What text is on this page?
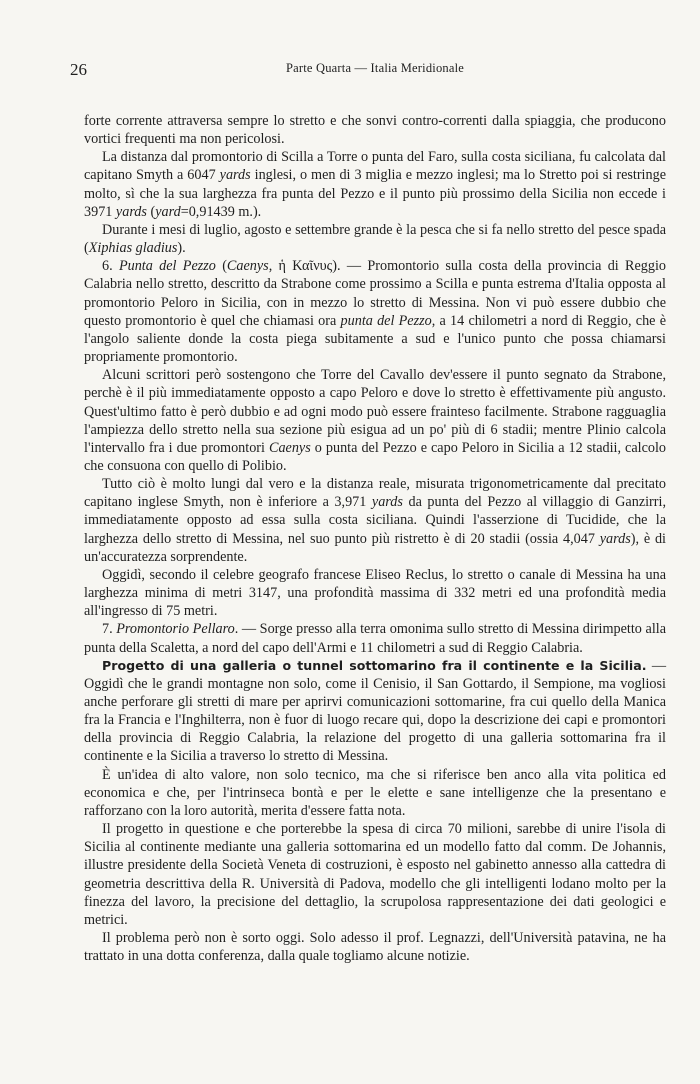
26	Parte Quarta — Italia Meridionale

forte corrente attraversa sempre lo stretto e che sonvi contro-correnti dalla spiaggia, che producono vortici frequenti ma non pericolosi.

La distanza dal promontorio di Scilla a Torre o punta del Faro, sulla costa siciliana, fu calcolata dal capitano Smyth a 6047 yards inglesi, o men di 3 miglia e mezzo inglesi; ma lo Stretto poi si restringe molto, sì che la sua larghezza fra punta del Pezzo e il punto più prossimo della Sicilia non eccede i 3971 yards (yard=0,91439 m.).

Durante i mesi di luglio, agosto e settembre grande è la pesca che si fa nello stretto del pesce spada (Xiphias gladius).

6. Punta del Pezzo (Caenys, ἡ Καῖνυς). — Promontorio sulla costa della provincia di Reggio Calabria nello stretto, descritto da Strabone come prossimo a Scilla e punta estrema d'Italia opposta al promontorio Peloro in Sicilia, con in mezzo lo stretto di Messina. Non vi può essere dubbio che questo promontorio è quel che chiamasi ora punta del Pezzo, a 14 chilometri a nord di Reggio, che è l'angolo saliente donde la costa piega subitamente a sud e l'unico punto che possa chiamarsi propriamente promontorio.

Alcuni scrittori però sostengono che Torre del Cavallo dev'essere il punto segnato da Strabone, perchè è il più immediatamente opposto a capo Peloro e dove lo stretto è effettivamente più angusto. Quest'ultimo fatto è però dubbio e ad ogni modo può essere frainteso facilmente. Strabone ragguaglia l'ampiezza dello stretto nella sua sezione più esigua ad un po' più di 6 stadii; mentre Plinio calcola l'intervallo fra i due promontori Caenys o punta del Pezzo e capo Peloro in Sicilia a 12 stadii, calcolo che consuona con quello di Polibio.

Tutto ciò è molto lungi dal vero e la distanza reale, misurata trigonometricamente dal precitato capitano inglese Smyth, non è inferiore a 3,971 yards da punta del Pezzo al villaggio di Ganzirri, immediatamente opposto ad essa sulla costa siciliana. Quindi l'asserzione di Tucidide, che la larghezza dello stretto di Messina, nel suo punto più ristretto è di 20 stadii (ossia 4,047 yards), è di un'accuratezza sorprendente.

Oggidì, secondo il celebre geografo francese Eliseo Reclus, lo stretto o canale di Messina ha una larghezza minima di metri 3147, una profondità massima di 332 metri ed una profondità media all'ingresso di 75 metri.

7. Promontorio Pellaro. — Sorge presso alla terra omonima sullo stretto di Messina dirimpetto alla punta della Scaletta, a nord del capo dell'Armi e 11 chilometri a sud di Reggio Calabria.

Progetto di una galleria o tunnel sottomarino fra il continente e la Sicilia. — Oggidì che le grandi montagne non solo, come il Cenisio, il San Gottardo, il Sempione, ma vogliosi anche perforare gli stretti di mare per aprirvi comunicazioni sottomarine, fra cui quello della Manica fra la Francia e l'Inghilterra, non è fuor di luogo recare qui, dopo la descrizione dei capi e promontori della provincia di Reggio Calabria, la relazione del progetto di una galleria sottomarina fra il continente e la Sicilia a traverso lo stretto di Messina.

È un'idea di alto valore, non solo tecnico, ma che si riferisce ben anco alla vita politica ed economica e che, per l'intrinseca bontà e per le elette e sane intelligenze che la presentano e rafforzano con la loro autorità, merita d'essere fatta nota.

Il progetto in questione e che porterebbe la spesa di circa 70 milioni, sarebbe di unire l'isola di Sicilia al continente mediante una galleria sottomarina ed un modello fatto dal comm. De Johannis, illustre presidente della Società Veneta di costruzioni, è esposto nel gabinetto annesso alla cattedra di geometria descrittiva della R. Università di Padova, modello che gli intelligenti lodano molto per la finezza del lavoro, la precisione del dettaglio, la scrupolosa rappresentazione dei dati geologici e metrici.

Il problema però non è sorto oggi. Solo adesso il prof. Legnazzi, dell'Università patavina, ne ha trattato in una dotta conferenza, dalla quale togliamo alcune notizie.
